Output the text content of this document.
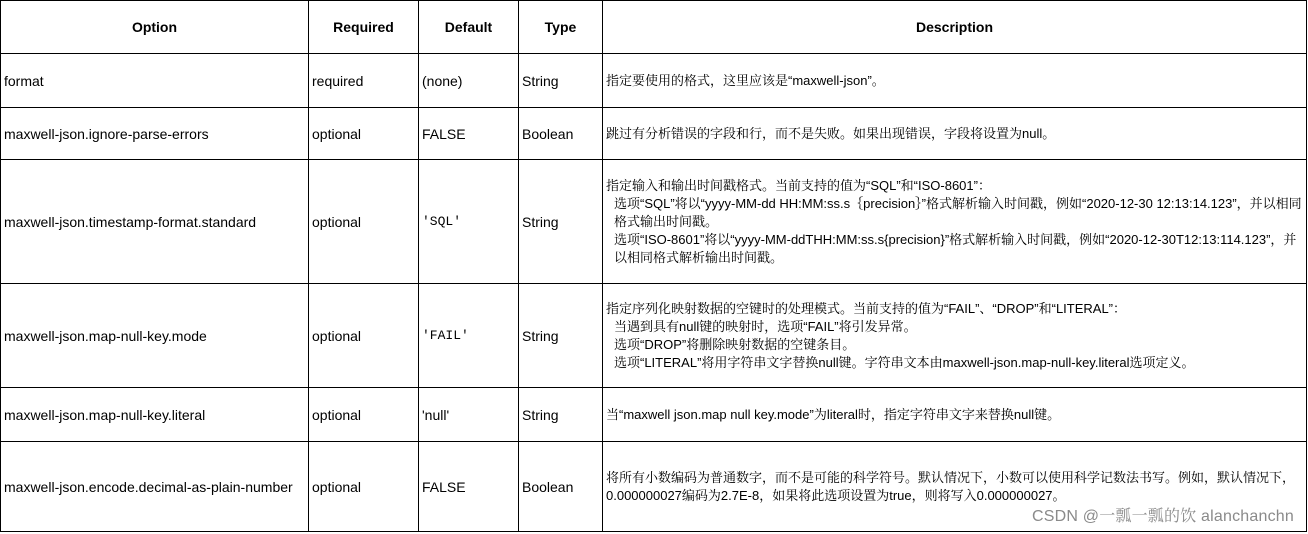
Option	Required	Default	Type	Description
format	required	(none)	String	指定要使用的格式，这里应该是“maxwell-json”。

maxwell-json.ignore-parse-errors	optional	FALSE	Boolean	跳过有分析错误的字段和行，而不是失败。如果出现错误，字段将设置为null。

maxwell-json.timestamp-format.standard	optional	'SQL'	String	指定输入和输出时间戳格式。当前支持的值为“SQL”和“ISO-8601”：
选项“SQL”将以“yyyy-MM-dd HH:MM:ss.s｛precision｝”格式解析输入时间戳，例如“2020-12-30 12:13:14.123”，并以相同格式输出时间戳。
选项“ISO-8601”将以“yyyy-MM-ddTHH:MM:ss.s{precision}”格式解析输入时间戳，例如“2020-12-30T12:13:114.123”，并以相同格式解析输出时间戳。

maxwell-json.map-null-key.mode	optional	'FAIL'	String	指定序列化映射数据的空键时的处理模式。当前支持的值为“FAIL”、“DROP”和“LITERAL”：
当遇到具有null键的映射时，选项“FAIL”将引发异常。
选项“DROP”将删除映射数据的空键条目。
选项“LITERAL”将用字符串文字替换null键。字符串文本由maxwell-json.map-null-key.literal选项定义。

maxwell-json.map-null-key.literal	optional	'null'	String	当“maxwell json.map null key.mode”为literal时，指定字符串文字来替换null键。

maxwell-json.encode.decimal-as-plain-number	optional	FALSE	Boolean	将所有小数编码为普通数字，而不是可能的科学符号。默认情况下，小数可以使用科学记数法书写。例如，默认情况下，0.000000027编码为2.7E-8，如果将此选项设置为true，则将写入0.000000027。
CSDN @一瓢一瓢的饮 alanchanchn
